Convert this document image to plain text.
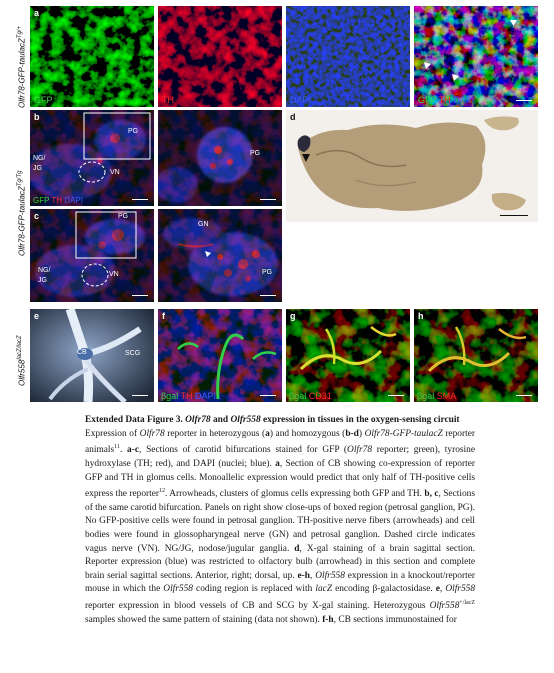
Olfr78-GFP-taulacZ$^{Tg/+}$
Olfr78-GFP-taulacZ$^{Tg/Tg}$
$Olfr558^{lacZ/lacZ}$
a
GFP	TH	DAPI	GFP TH DAPI
b
PG
NG/
JG
VN
GFP TH DAPI
PG
c	PG
NG/
JG
VN
GN
PG
d
e
CB	SCG
f
βgal TH DAPI
g
βgal CD31
h
βgal SMA
Extended Data Figure 3. Olfr78 and Olfr558 expression in tissues in the oxygen-sensing circuit
Expression of Olfr78 reporter in heterozygous (a) and homozygous (b-d) Olfr78-GFP-taulacZ reporter animals$^{11}$. a-c, Sections of carotid bifurcations stained for GFP (Olfr78 reporter; green), tyrosine hydroxylase (TH; red), and DAPI (nuclei; blue). a, Section of CB showing co-expression of reporter GFP and TH in glomus cells. Monoallelic expression would predict that only half of TH-positive cells express the reporter$^{12}$. Arrowheads, clusters of glomus cells expressing both GFP and TH. b, c, Sections of the same carotid bifurcation. Panels on right show close-ups of boxed region (petrosal ganglion, PG). No GFP-positive cells were found in petrosal ganglion. TH-positive nerve fibers (arrowheads) and cell bodies were found in glossopharyngeal nerve (GN) and petrosal ganglion. Dashed circle indicates vagus nerve (VN). NG/JG, nodose/jugular ganglia. d, X-gal staining of a brain sagittal section. Reporter expression (blue) was restricted to olfactory bulb (arrowhead) in this section and complete brain serial sagittal sections. Anterior, right; dorsal, up. e-h, Olfr558 expression in a knockout/reporter mouse in which the Olfr558 coding region is replaced with lacZ encoding β-galactosidase. e, Olfr558 reporter expression in blood vessels of CB and SCG by X-gal staining. Heterozygous $Olfr558^{+/lacZ}$ samples showed the same pattern of staining (data not shown). f-h, CB sections immunostained for
